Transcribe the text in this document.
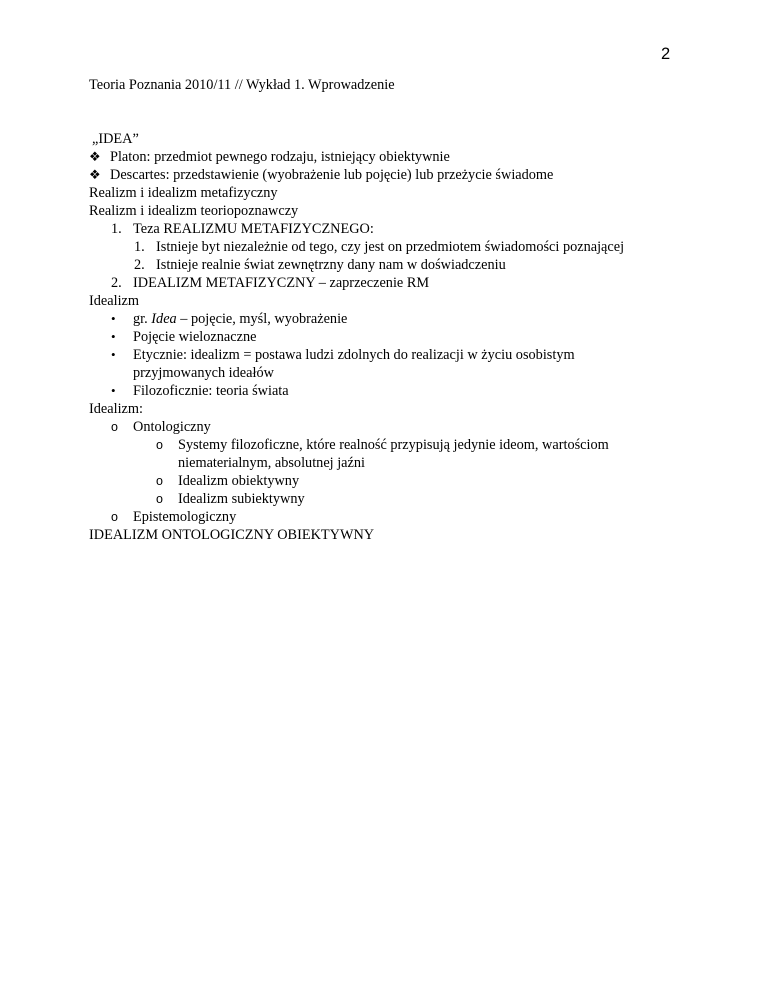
2
Teoria Poznania 2010/11 // Wykład 1. Wprowadzenie
„IDEA”
❖ Platon: przedmiot pewnego rodzaju, istniejący obiektywnie
❖ Descartes: przedstawienie (wyobrażenie lub pojęcie) lub przeżycie świadome
Realizm i idealizm metafizyczny
Realizm i idealizm teoriopoznawczy
1. Teza REALIZMU METAFIZYCZNEGO:
1. Istnieje byt niezależnie od tego, czy jest on przedmiotem świadomości poznającej
2. Istnieje realnie świat zewnętrzny dany nam w doświadczeniu
2. IDEALIZM METAFIZYCZNY – zaprzeczenie RM
Idealizm
• gr. Idea – pojęcie, myśl, wyobrażenie
• Pojęcie wieloznaczne
• Etycznie: idealizm = postawa ludzi zdolnych do realizacji w życiu osobistym przyjmowanych ideałów
• Filozoficznie: teoria świata
Idealizm:
o Ontologiczny
o Systemy filozoficzne, które realność przypisują jedynie ideom, wartościom niematerialnym, absolutnej jaźni
o Idealizm obiektywny
o Idealizm subiektywny
o Epistemologiczny
IDEALIZM ONTOLOGICZNY OBIEKTYWNY
